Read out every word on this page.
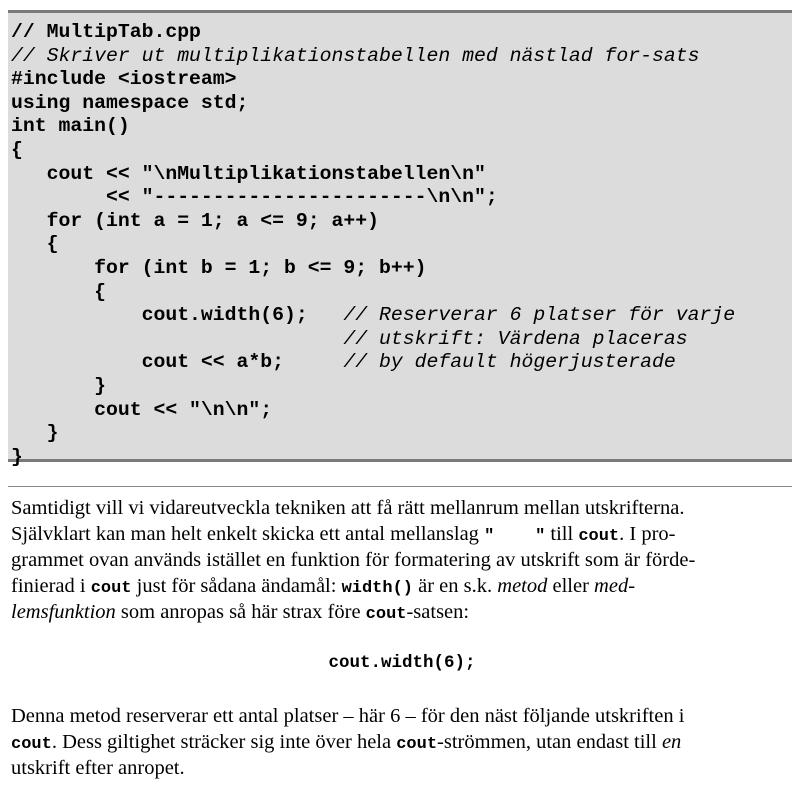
// MultipTab.cpp
// Skriver ut multiplikationstabellen med nästlad for-sats
#include <iostream>
using namespace std;
int main()
{
cout << "\nMultiplikationstabellen\n"
<< "-----------------------\n\n";
for (int a = 1; a <= 9; a++)
{
for (int b = 1; b <= 9; b++)
{
cout.width(6);   // Reserverar 6 platser för varje
// utskrift: Värdena placeras
cout << a*b;     // by default högerjusterade
}
cout << "\n\n";
}
}
Samtidigt vill vi vidareutveckla tekniken att få rätt mellanrum mellan utskrifterna.
Självklart kan man helt enkelt skicka ett antal mellanslag "    " till cout. I pro-
grammet ovan används istället en funktion för formatering av utskrift som är förde-
finierad i cout just för sådana ändamål: width() är en s.k. metod eller med-
lemsfunktion som anropas så här strax före cout-satsen:
cout.width(6);
Denna metod reserverar ett antal platser – här 6 – för den näst följande utskriften i
cout. Dess giltighet sträcker sig inte över hela cout-strömmen, utan endast till en
utskrift efter anropet.
